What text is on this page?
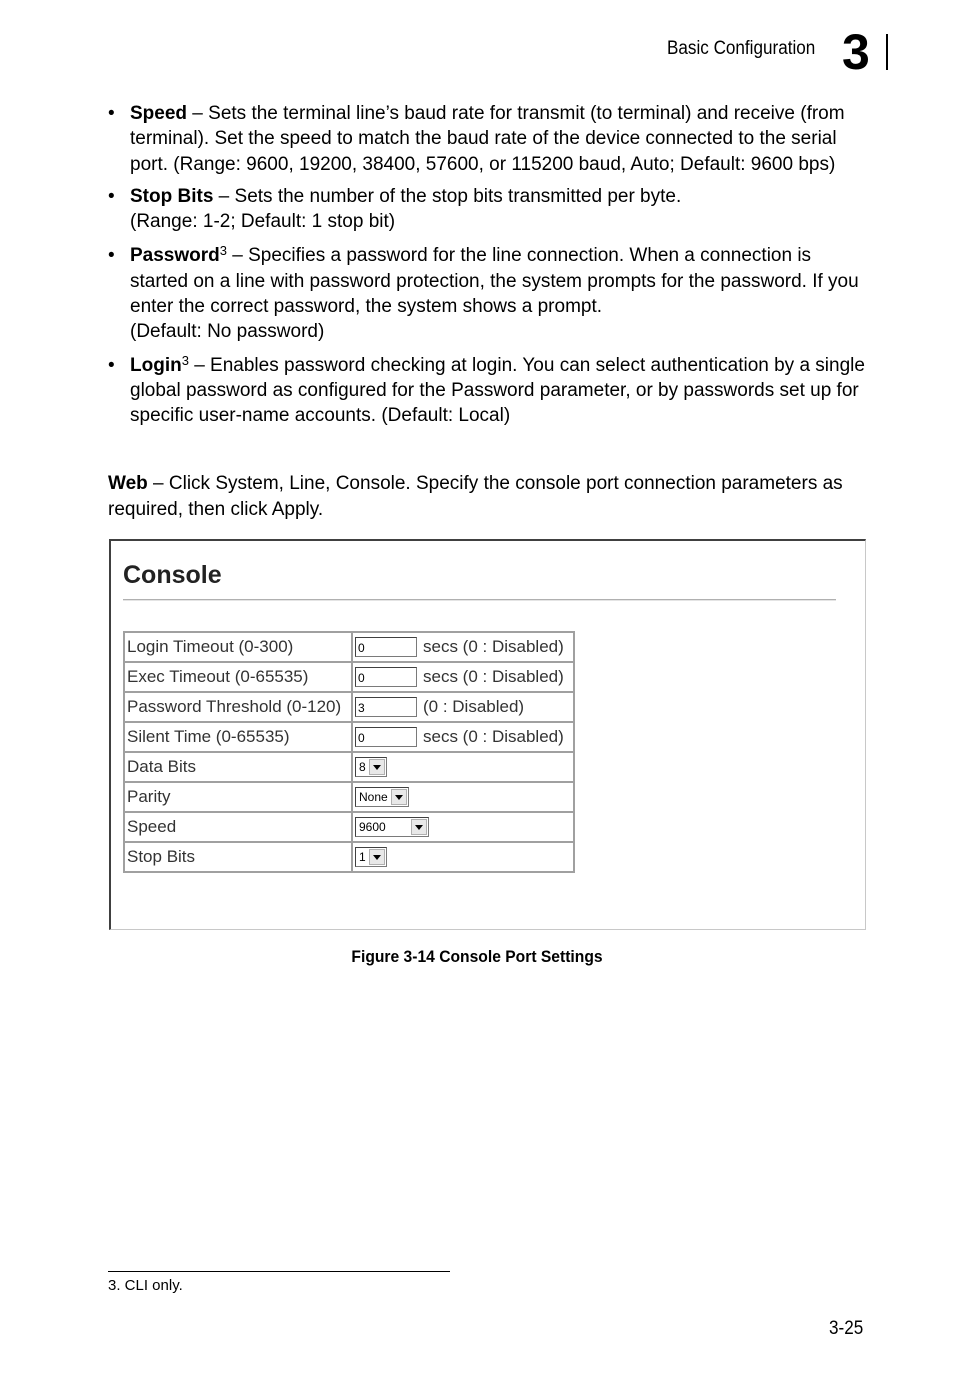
Basic Configuration 3
• Speed – Sets the terminal line’s baud rate for transmit (to terminal) and receive (from terminal). Set the speed to match the baud rate of the device connected to the serial port. (Range: 9600, 19200, 38400, 57600, or 115200 baud, Auto; Default: 9600 bps)
• Stop Bits – Sets the number of the stop bits transmitted per byte.
(Range: 1-2; Default: 1 stop bit)
• Password$^3$ – Specifies a password for the line connection. When a connection is started on a line with password protection, the system prompts for the password. If you enter the correct password, the system shows a prompt.
(Default: No password)
• Login$^3$ – Enables password checking at login. You can select authentication by a single global password as configured for the Password parameter, or by passwords set up for specific user-name accounts. (Default: Local)
Web – Click System, Line, Console. Specify the console port connection parameters as required, then click Apply.
Console
Login Timeout (0-300)	0 secs (0 : Disabled)
Exec Timeout (0-65535)	0 secs (0 : Disabled)
Password Threshold (0-120)	3 (0 : Disabled)
Silent Time (0-65535)	0 secs (0 : Disabled)
Data Bits	8

Parity	None

Speed	9600

Stop Bits	1
Figure 3-14 Console Port Settings
3. CLI only.
3-25
